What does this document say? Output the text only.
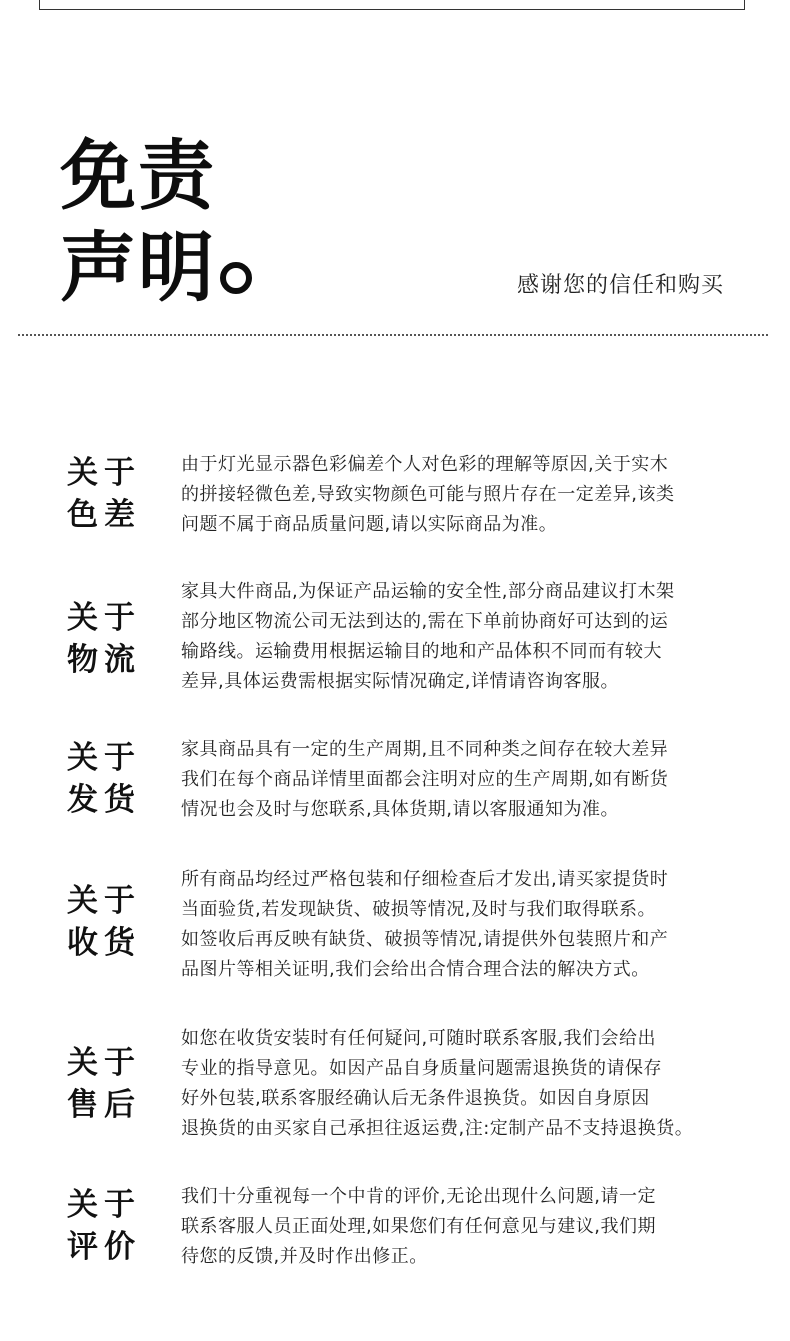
免责
声明	感谢您的信任和购买
关于
色差

由于灯光显示器色彩偏差个人对色彩的理解等原因,关于实木

的拼接轻微色差,导致实物颜色可能与照片存在一定差异,该类

问题不属于商品质量问题,请以实际商品为准。

关于
物流

家具大件商品,为保证产品运输的安全性,部分商品建议打木架

部分地区物流公司无法到达的,需在下单前协商好可达到的运

输路线。运输费用根据运输目的地和产品体积不同而有较大

差异,具体运费需根据实际情况确定,详情请咨询客服。

关于
发货

家具商品具有一定的生产周期,且不同种类之间存在较大差异

我们在每个商品详情里面都会注明对应的生产周期,如有断货

情况也会及时与您联系,具体货期,请以客服通知为准。

关于
收货

所有商品均经过严格包装和仔细检查后才发出,请买家提货时

当面验货,若发现缺货、破损等情况,及时与我们取得联系。

如签收后再反映有缺货、破损等情况,请提供外包装照片和产

品图片等相关证明,我们会给出合情合理合法的解决方式。

关于
售后

如您在收货安装时有任何疑问,可随时联系客服,我们会给出

专业的指导意见。如因产品自身质量问题需退换货的请保存

好外包装,联系客服经确认后无条件退换货。如因自身原因

退换货的由买家自己承担往返运费,注:定制产品不支持退换货。

关于
评价

我们十分重视每一个中肯的评价,无论出现什么问题,请一定

联系客服人员正面处理,如果您们有任何意见与建议,我们期

待您的反馈,并及时作出修正。
